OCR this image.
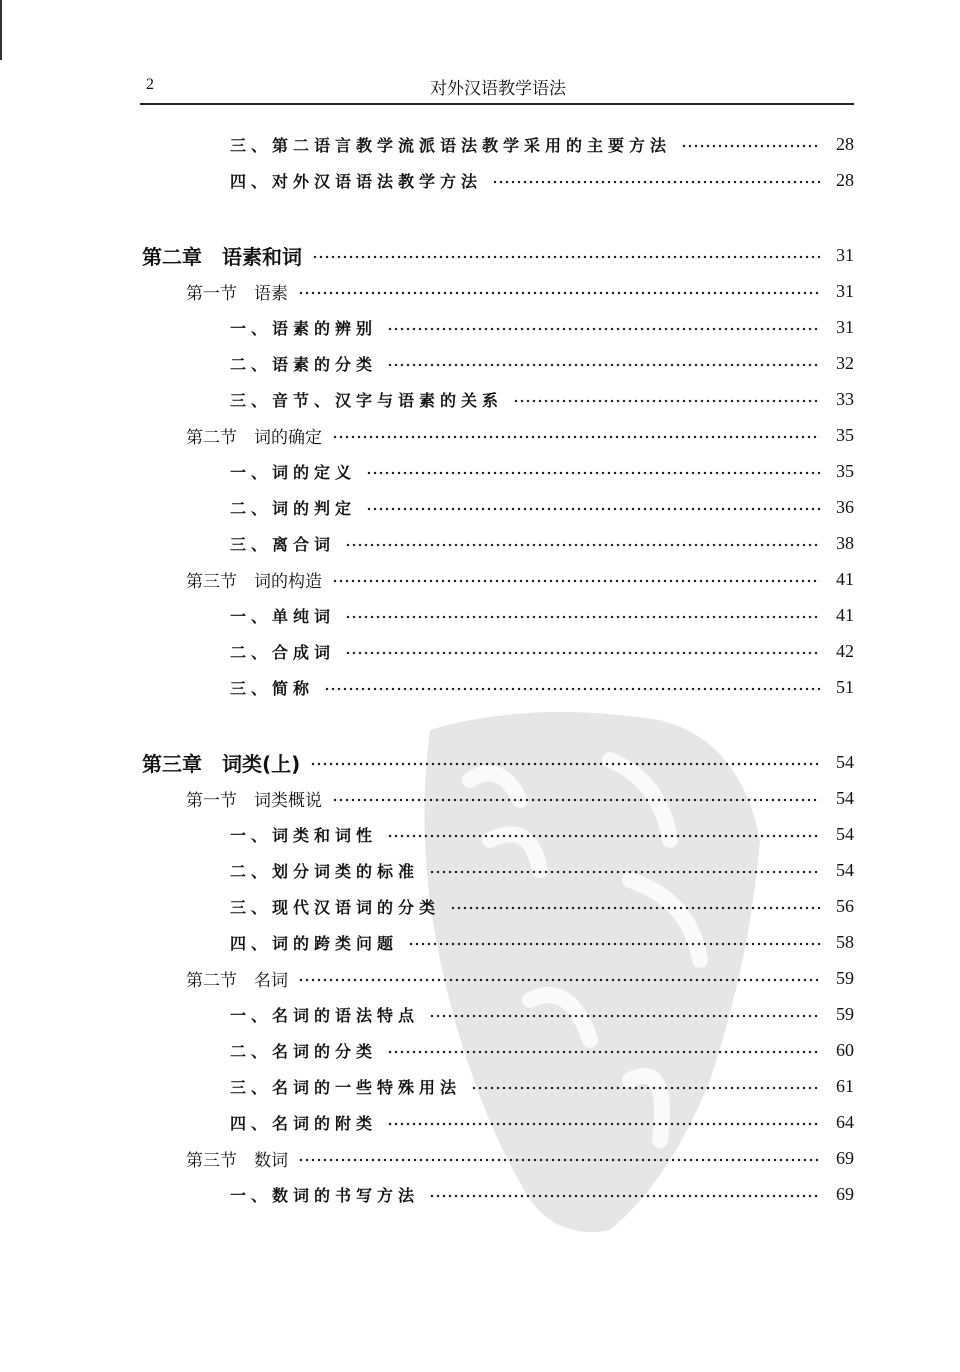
2	对外汉语教学语法
三、第二语言教学流派语法教学采用的主要方法	28
四、对外汉语语法教学方法	28
第二章　语素和词	31
第一节　语素	31
一、语素的辨别	31
二、语素的分类	32
三、音节、汉字与语素的关系	33
第二节　词的确定	35
一、词的定义	35
二、词的判定	36
三、离合词	38
第三节　词的构造	41
一、单纯词	41
二、合成词	42
三、简称	51
第三章　词类(上)	54
第一节　词类概说	54
一、词类和词性	54
二、划分词类的标准	54
三、现代汉语词的分类	56
四、词的跨类问题	58
第二节　名词	59
一、名词的语法特点	59
二、名词的分类	60
三、名词的一些特殊用法	61
四、名词的附类	64
第三节　数词	69
一、数词的书写方法	69
